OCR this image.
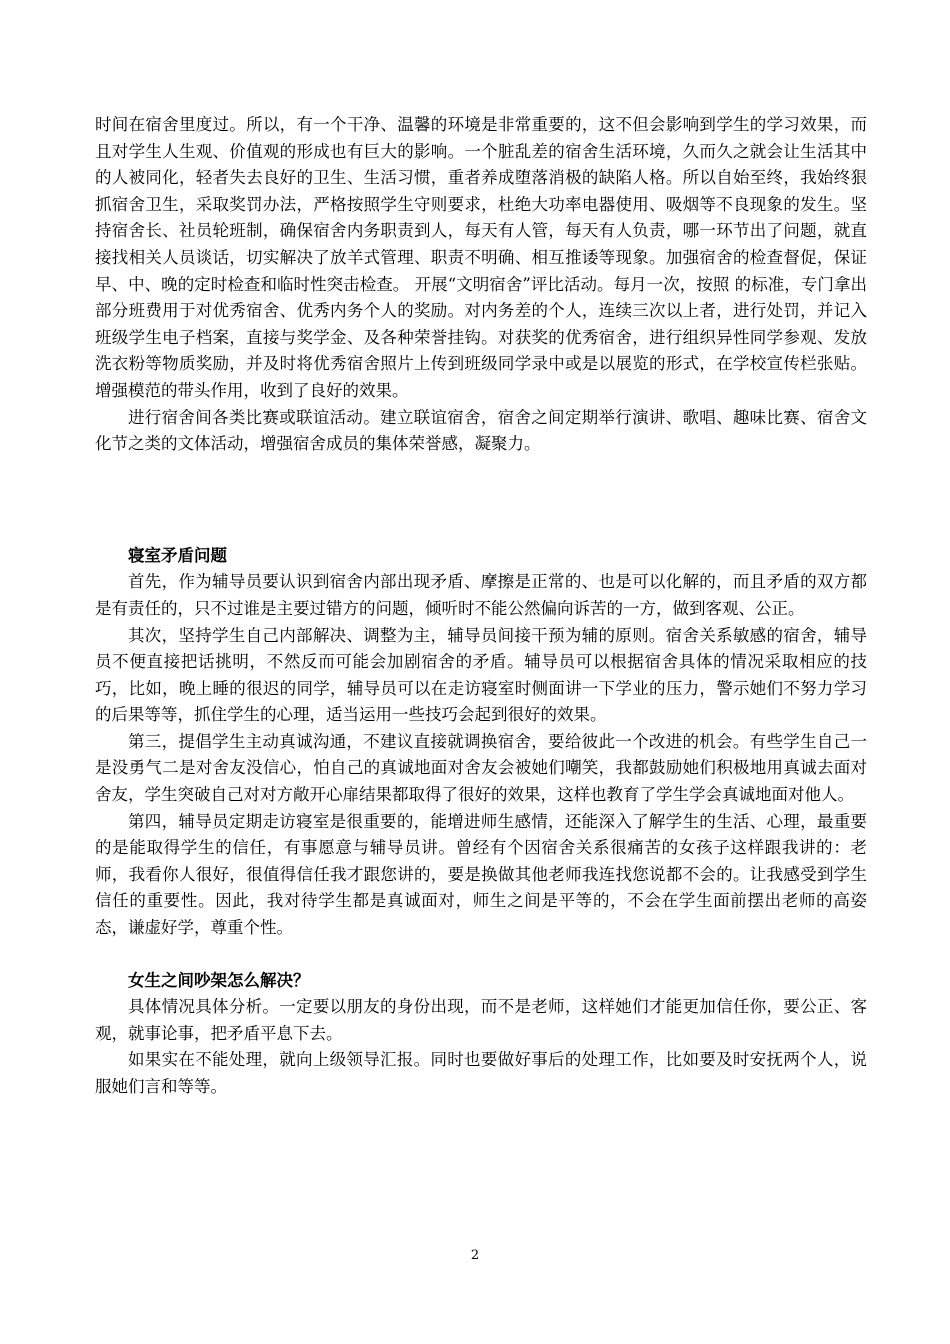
时间在宿舍里度过。所以，有一个干净、温馨的环境是非常重要的，这不但会影响到学生的学习效果，而且对学生人生观、价值观的形成也有巨大的影响。一个脏乱差的宿舍生活环境，久而久之就会让生活其中的人被同化，轻者失去良好的卫生、生活习惯，重者养成堕落消极的缺陷人格。所以自始至终，我始终狠抓宿舍卫生，采取奖罚办法，严格按照学生守则要求，杜绝大功率电器使用、吸烟等不良现象的发生。坚持宿舍长、社员轮班制，确保宿舍内务职责到人，每天有人管，每天有人负责，哪一环节出了问题，就直接找相关人员谈话，切实解决了放羊式管理、职责不明确、相互推诿等现象。加强宿舍的检查督促，保证早、中、晚的定时检查和临时性突击检查。 开展“文明宿舍”评比活动。每月一次，按照 的标准，专门拿出部分班费用于对优秀宿舍、优秀内务个人的奖励。对内务差的个人，连续三次以上者，进行处罚，并记入班级学生电子档案，直接与奖学金、及各种荣誉挂钩。对获奖的优秀宿舍，进行组织异性同学参观、发放洗衣粉等物质奖励，并及时将优秀宿舍照片上传到班级同学录中或是以展览的形式，在学校宣传栏张贴。增强模范的带头作用，收到了良好的效果。

进行宿舍间各类比赛或联谊活动。建立联谊宿舍，宿舍之间定期举行演讲、歌唱、趣味比赛、宿舍文化节之类的文体活动，增强宿舍成员的集体荣誉感，凝聚力。

寝室矛盾问题

首先，作为辅导员要认识到宿舍内部出现矛盾、摩擦是正常的、也是可以化解的，而且矛盾的双方都是有责任的，只不过谁是主要过错方的问题，倾听时不能公然偏向诉苦的一方，做到客观、公正。

其次，坚持学生自己内部解决、调整为主，辅导员间接干预为辅的原则。宿舍关系敏感的宿舍，辅导员不便直接把话挑明，不然反而可能会加剧宿舍的矛盾。辅导员可以根据宿舍具体的情况采取相应的技巧，比如，晚上睡的很迟的同学，辅导员可以在走访寝室时侧面讲一下学业的压力，警示她们不努力学习的后果等等，抓住学生的心理，适当运用一些技巧会起到很好的效果。

第三，提倡学生主动真诚沟通，不建议直接就调换宿舍，要给彼此一个改进的机会。有些学生自己一是没勇气二是对舍友没信心，怕自己的真诚地面对舍友会被她们嘲笑，我都鼓励她们积极地用真诚去面对舍友，学生突破自己对对方敞开心扉结果都取得了很好的效果，这样也教育了学生学会真诚地面对他人。

第四，辅导员定期走访寝室是很重要的，能增进师生感情，还能深入了解学生的生活、心理，最重要的是能取得学生的信任，有事愿意与辅导员讲。曾经有个因宿舍关系很痛苦的女孩子这样跟我讲的：老师，我看你人很好，很值得信任我才跟您讲的，要是换做其他老师我连找您说都不会的。让我感受到学生信任的重要性。因此，我对待学生都是真诚面对，师生之间是平等的，不会在学生面前摆出老师的高姿态，谦虚好学，尊重个性。

女生之间吵架怎么解决？

具体情况具体分析。一定要以朋友的身份出现，而不是老师，这样她们才能更加信任你，要公正、客观，就事论事，把矛盾平息下去。

如果实在不能处理，就向上级领导汇报。同时也要做好事后的处理工作，比如要及时安抚两个人，说服她们言和等等。

2
